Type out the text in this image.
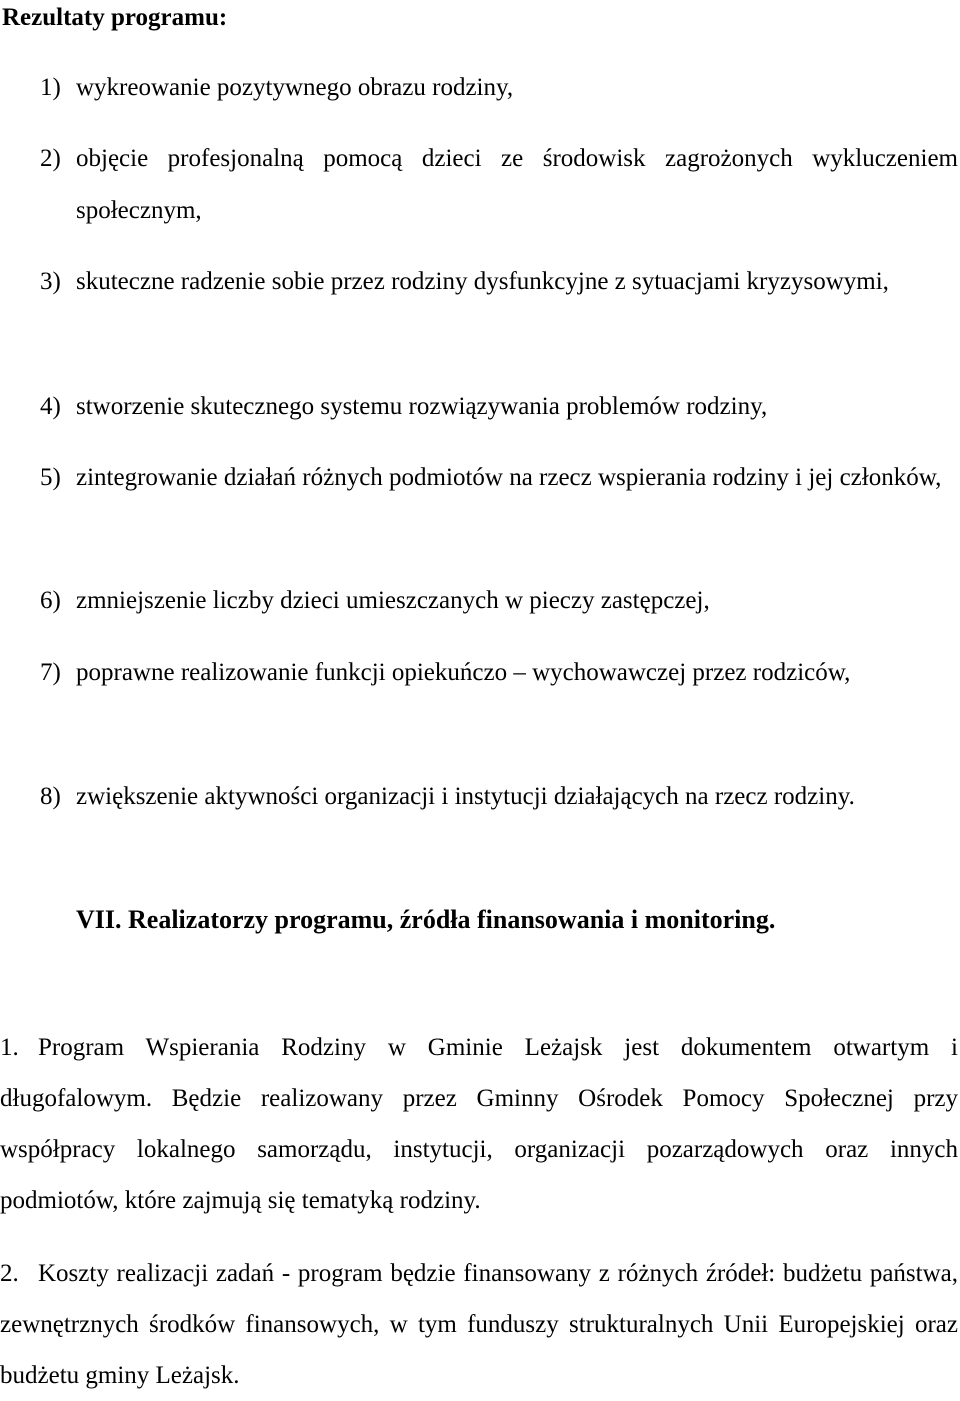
Rezultaty programu:
1) wykreowanie pozytywnego obrazu rodziny,
2) objęcie profesjonalną pomocą dzieci ze środowisk zagrożonych wykluczeniem społecznym,
3) skuteczne radzenie sobie przez rodziny dysfunkcyjne z sytuacjami kryzysowymi,
4) stworzenie skutecznego systemu rozwiązywania problemów rodziny,
5) zintegrowanie działań różnych podmiotów na rzecz wspierania rodziny i jej członków,
6) zmniejszenie liczby dzieci umieszczanych w pieczy zastępczej,
7) poprawne realizowanie funkcji opiekuńczo – wychowawczej przez rodziców,
8) zwiększenie aktywności organizacji i instytucji działających na rzecz rodziny.
VII. Realizatorzy programu, źródła finansowania i monitoring.
1. Program Wspierania Rodziny w Gminie Leżajsk jest dokumentem otwartym i długofalowym. Będzie realizowany przez Gminny Ośrodek Pomocy Społecznej przy współpracy lokalnego samorządu, instytucji, organizacji pozarządowych oraz innych podmiotów, które zajmują się tematyką rodziny.
2. Koszty realizacji zadań - program będzie finansowany z różnych źródeł: budżetu państwa, zewnętrznych środków finansowych, w tym funduszy strukturalnych Unii Europejskiej oraz budżetu gminy Leżajsk.
